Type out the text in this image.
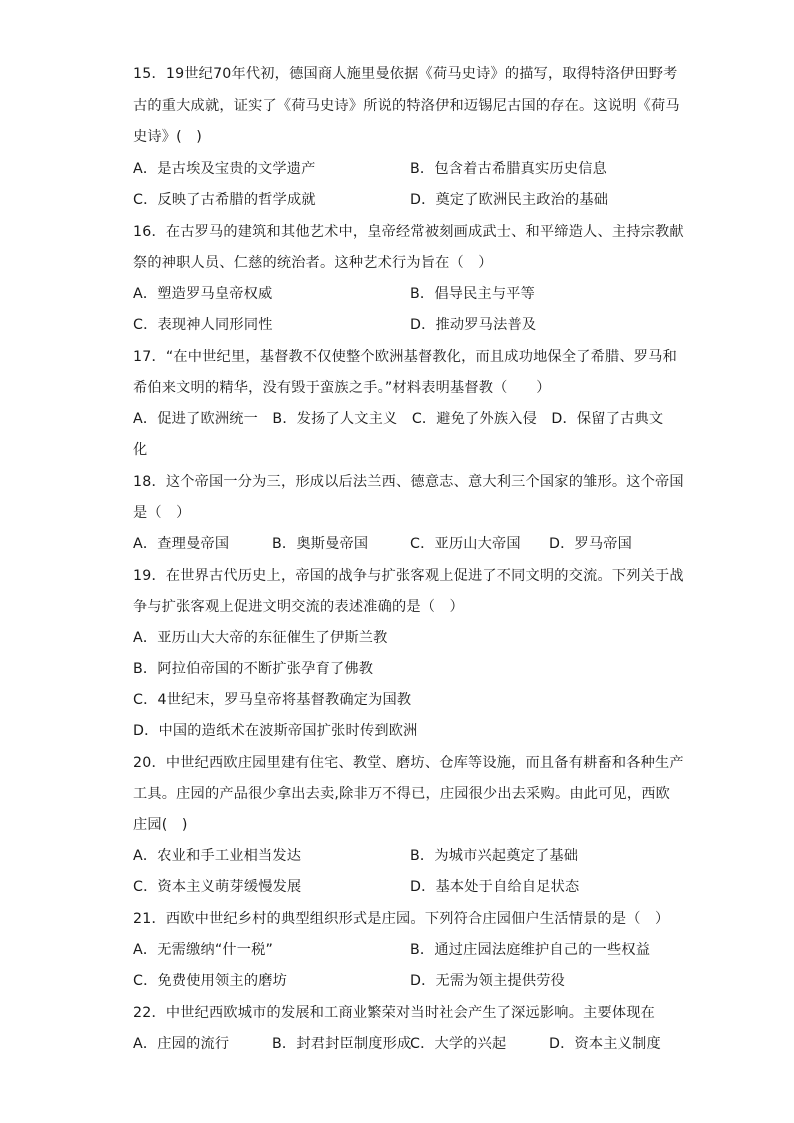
15．19世纪70年代初，德国商人施里曼依据《荷马史诗》的描写，取得特洛伊田野考
古的重大成就，证实了《荷马史诗》所说的特洛伊和迈锡尼古国的存在。这说明《荷马
史诗》(　)
A．是古埃及宝贵的文学遗产	B．包含着古希腊真实历史信息
C．反映了古希腊的哲学成就	D．奠定了欧洲民主政治的基础
16．在古罗马的建筑和其他艺术中，皇帝经常被刻画成武士、和平缔造人、主持宗教献
祭的神职人员、仁慈的统治者。这种艺术行为旨在（　）
A．塑造罗马皇帝权威	B．倡导民主与平等
C．表现神人同形同性	D．推动罗马法普及
17．“在中世纪里，基督教不仅使整个欧洲基督教化，而且成功地保全了希腊、罗马和
希伯来文明的精华，没有毁于蛮族之手。”材料表明基督教（　　）
A．促进了欧洲统一　B．发扬了人文主义　C．避免了外族入侵　D．保留了古典文
化
18．这个帝国一分为三，形成以后法兰西、德意志、意大利三个国家的雏形。这个帝国
是（　）
A．查理曼帝国	B．奥斯曼帝国	C．亚历山大帝国 D．罗马帝国
19．在世界古代历史上，帝国的战争与扩张客观上促进了不同文明的交流。下列关于战
争与扩张客观上促进文明交流的表述准确的是（　）
A．亚历山大大帝的东征催生了伊斯兰教
B．阿拉伯帝国的不断扩张孕育了佛教
C．4世纪末，罗马皇帝将基督教确定为国教
D．中国的造纸术在波斯帝国扩张时传到欧洲
20．中世纪西欧庄园里建有住宅、教堂、磨坊、仓库等设施，而且备有耕畜和各种生产
工具。庄园的产品很少拿出去卖,除非万不得已，庄园很少出去采购。由此可见，西欧
庄园(　)
A．农业和手工业相当发达	B．为城市兴起奠定了基础
C．资本主义萌芽缓慢发展	D．基本处于自给自足状态
21．西欧中世纪乡村的典型组织形式是庄园。下列符合庄园佃户生活情景的是（　）
A．无需缴纳“什一税”	B．通过庄园法庭维护自己的一些权益
C．免费使用领主的磨坊	D．无需为领主提供劳役
22．中世纪西欧城市的发展和工商业繁荣对当时社会产生了深远影响。主要体现在
A．庄园的流行	B．封君封臣制度形成
C．大学的兴起	D．资本主义制度
